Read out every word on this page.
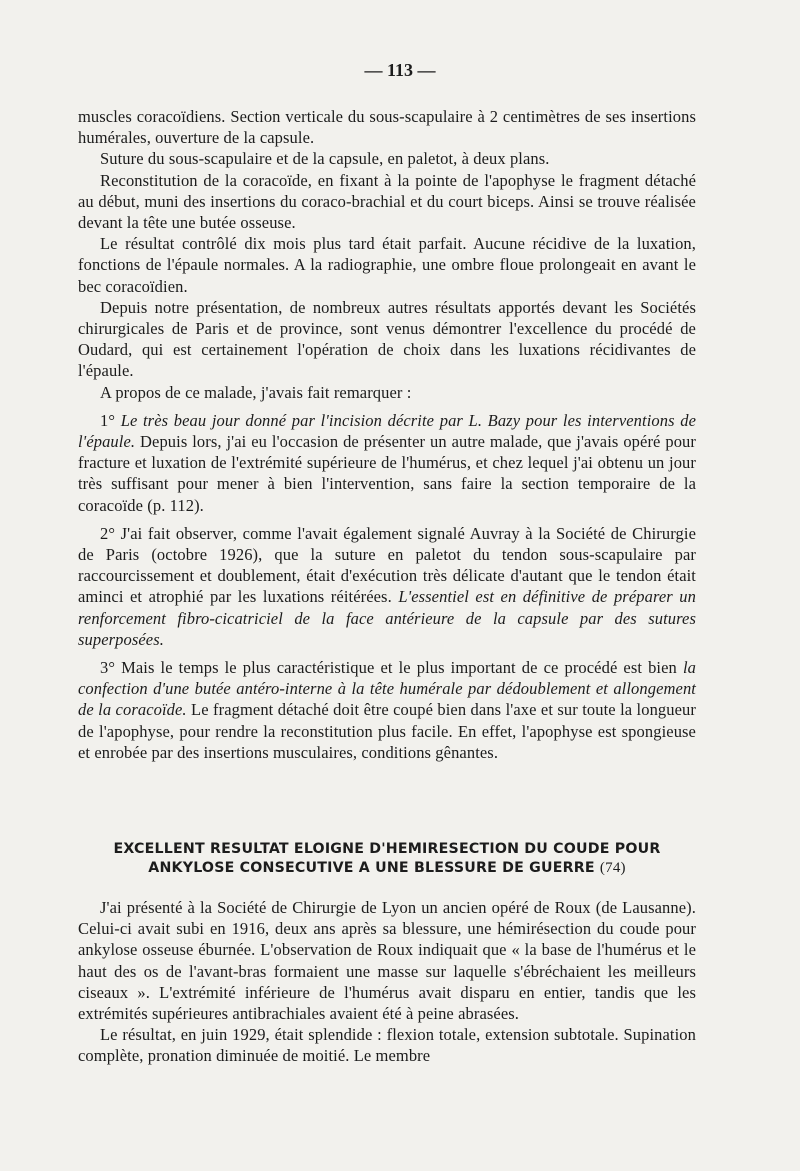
— 113 —

muscles coracoïdiens. Section verticale du sous-scapulaire à 2 centimètres de ses insertions humérales, ouverture de la capsule.

Suture du sous-scapulaire et de la capsule, en paletot, à deux plans.

Reconstitution de la coracoïde, en fixant à la pointe de l'apophyse le fragment détaché au début, muni des insertions du coraco-brachial et du court biceps. Ainsi se trouve réalisée devant la tête une butée osseuse.

Le résultat contrôlé dix mois plus tard était parfait. Aucune récidive de la luxation, fonctions de l'épaule normales. A la radiographie, une ombre floue prolongeait en avant le bec coracoïdien.

Depuis notre présentation, de nombreux autres résultats apportés devant les Sociétés chirurgicales de Paris et de province, sont venus démontrer l'excellence du procédé de Oudard, qui est certainement l'opération de choix dans les luxations récidivantes de l'épaule.

A propos de ce malade, j'avais fait remarquer :

1° Le très beau jour donné par l'incision décrite par L. Bazy pour les interventions de l'épaule. Depuis lors, j'ai eu l'occasion de présenter un autre malade, que j'avais opéré pour fracture et luxation de l'extrémité supérieure de l'humérus, et chez lequel j'ai obtenu un jour très suffisant pour mener à bien l'intervention, sans faire la section temporaire de la coracoïde (p. 112).

2° J'ai fait observer, comme l'avait également signalé Auvray à la Société de Chirurgie de Paris (octobre 1926), que la suture en paletot du tendon sous-scapulaire par raccourcissement et doublement, était d'exécution très délicate d'autant que le tendon était aminci et atrophié par les luxations réitérées. L'essentiel est en définitive de préparer un renforcement fibro-cicatriciel de la face antérieure de la capsule par des sutures superposées.

3° Mais le temps le plus caractéristique et le plus important de ce procédé est bien la confection d'une butée antéro-interne à la tête humérale par dédoublement et allongement de la coracoïde. Le fragment détaché doit être coupé bien dans l'axe et sur toute la longueur de l'apophyse, pour rendre la reconstitution plus facile. En effet, l'apophyse est spongieuse et enrobée par des insertions musculaires, conditions gênantes.

EXCELLENT RESULTAT ELOIGNE D'HEMIRESECTION DU COUDE POUR
ANKYLOSE CONSECUTIVE A UNE BLESSURE DE GUERRE (74)

J'ai présenté à la Société de Chirurgie de Lyon un ancien opéré de Roux (de Lausanne). Celui-ci avait subi en 1916, deux ans après sa blessure, une hémirésection du coude pour ankylose osseuse éburnée. L'observation de Roux indiquait que « la base de l'humérus et le haut des os de l'avant-bras formaient une masse sur laquelle s'ébréchaient les meilleurs ciseaux ». L'extrémité inférieure de l'humérus avait disparu en entier, tandis que les extrémités supérieures antibrachiales avaient été à peine abrasées.

Le résultat, en juin 1929, était splendide : flexion totale, extension subtotale. Supination complète, pronation diminuée de moitié. Le membre
